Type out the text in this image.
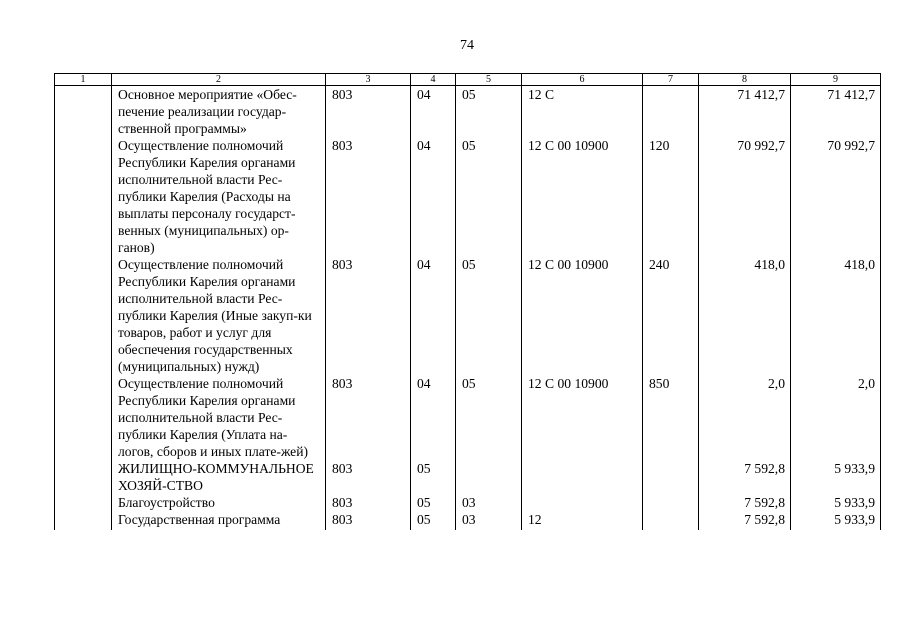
74
1	2	3	4	5	6	7	8	9
	Основное мероприятие «Обес-печение реализации государ-ственной программы»	803	04	05	12 С		71 412,7	71 412,7
	Осуществление полномочий Республики Карелия органами исполнительной власти Рес-публики Карелия (Расходы на выплаты персоналу государст-венных (муниципальных) ор-ганов)	803	04	05	12 С 00 10900	120	70 992,7	70 992,7
	Осуществление полномочий Республики Карелия органами исполнительной власти Рес-публики Карелия (Иные закуп-ки товаров, работ и услуг для обеспечения государственных (муниципальных) нужд)	803	04	05	12 С 00 10900	240	418,0	418,0
	Осуществление полномочий Республики Карелия органами исполнительной власти Рес-публики Карелия (Уплата на-логов, сборов и иных плате-жей)	803	04	05	12 С 00 10900	850	2,0	2,0
	ЖИЛИЩНО-КОММУНАЛЬНОЕ ХОЗЯЙ-СТВО	803	05				7 592,8	5 933,9
	Благоустройство	803	05	03			7 592,8	5 933,9
	Государственная программа	803	05	03	12		7 592,8	5 933,9
